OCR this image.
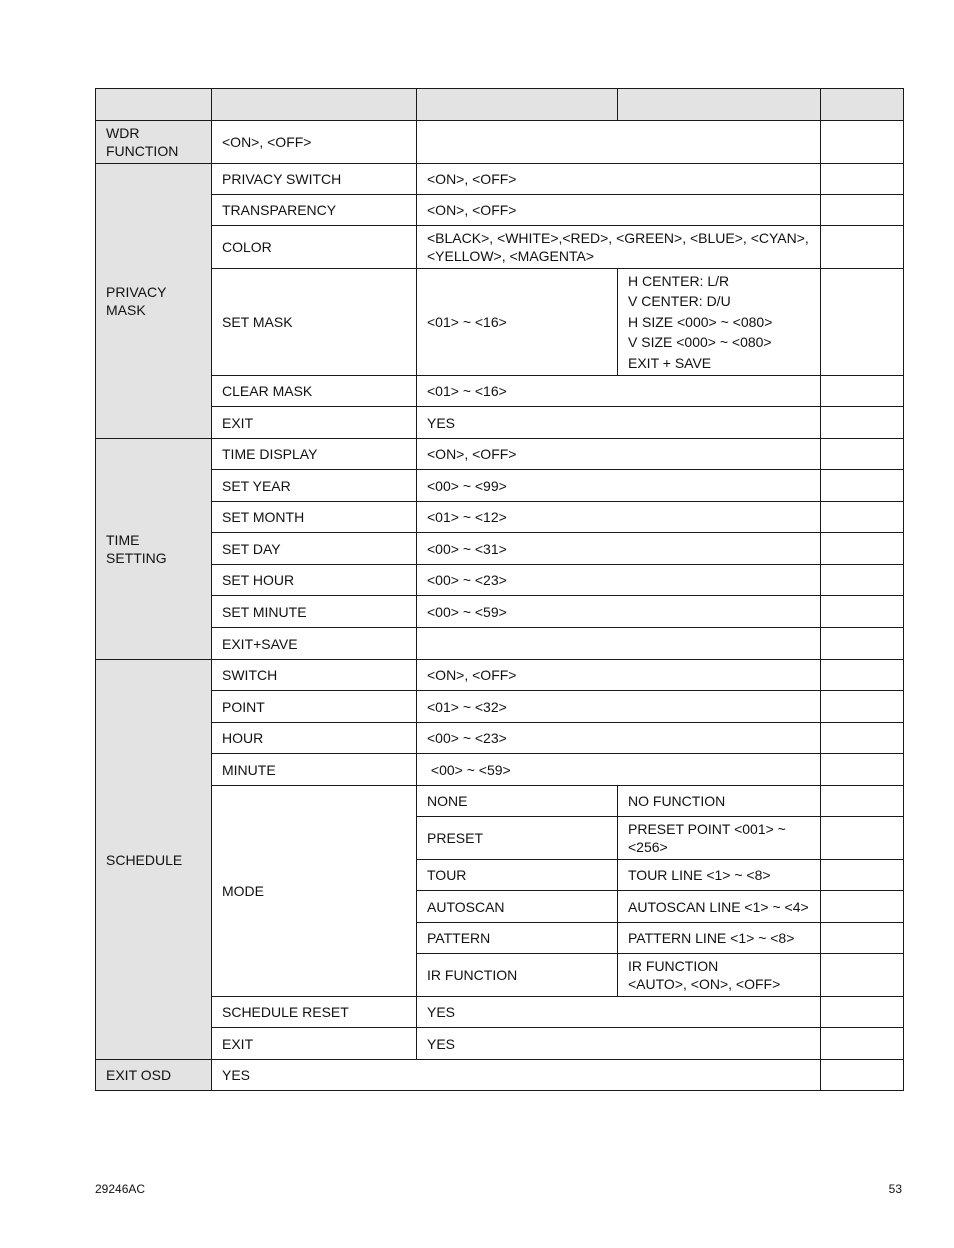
WDR FUNCTION	<ON>, <OFF>			
PRIVACY MASK	PRIVACY SWITCH	<ON>, <OFF>		
	TRANSPARENCY	<ON>, <OFF>		
	COLOR	<BLACK>, <WHITE>,<RED>, <GREEN>, <BLUE>, <CYAN>, <YELLOW>, <MAGENTA>		
	SET MASK	<01> ~ <16>	H CENTER: L/R
V CENTER: D/U
H SIZE <000> ~ <080>
V SIZE <000> ~ <080>
EXIT + SAVE	

	CLEAR MASK	<01> ~ <16>		
	EXIT	YES		

TIME SETTING	TIME DISPLAY	<ON>, <OFF>		
	SET YEAR	<00> ~ <99>		
	SET MONTH	<01> ~ <12>		
	SET DAY	<00> ~ <31>		
	SET HOUR	<00> ~ <23>		
	SET MINUTE	<00> ~ <59>		
	EXIT+SAVE			
SCHEDULE	SWITCH	<ON>, <OFF>		
	POINT	<01> ~ <32>		
	HOUR	<00> ~ <23>		
	MINUTE	<00> ~ <59>		
	MODE	NONE	NO FUNCTION	
		PRESET	PRESET POINT <001> ~ <256>	
		TOUR	TOUR LINE <1> ~ <8>	
		AUTOSCAN	AUTOSCAN LINE <1> ~ <4>	
		PATTERN	PATTERN LINE <1> ~ <8>	
		IR FUNCTION	IR FUNCTION
<AUTO>, <ON>, <OFF>	

	SCHEDULE RESET	YES		
	EXIT	YES		
EXIT OSD	YES			
29246AC	53
